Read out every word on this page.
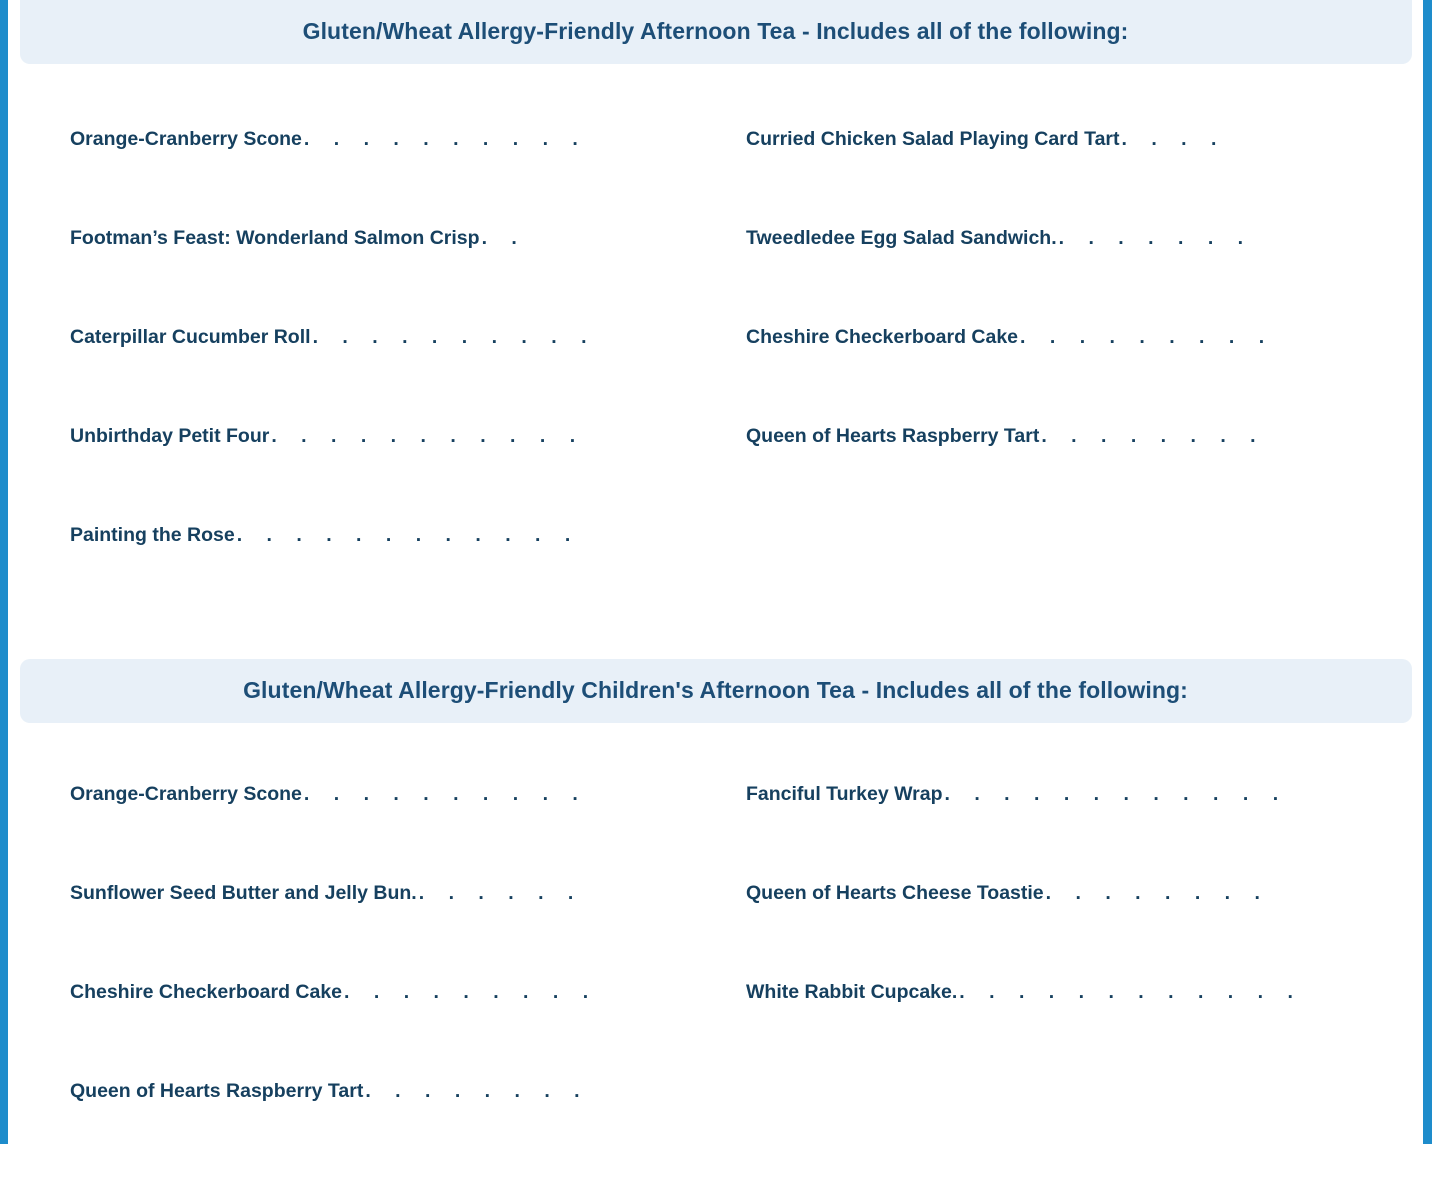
Gluten/Wheat Allergy-Friendly Afternoon Tea - Includes all of the following:
Orange-Cranberry Scone . . . . . . . . . .	Curried Chicken Salad Playing Card Tart . . . .
Footman’s Feast: Wonderland Salmon Crisp . .	Tweedledee Egg Salad Sandwich. . . . . . . .
Caterpillar Cucumber Roll . . . . . . . . . .	Cheshire Checkerboard Cake . . . . . . . . .
Unbirthday Petit Four . . . . . . . . . . .	Queen of Hearts Raspberry Tart . . . . . . . .
Painting the Rose . . . . . . . . . . . .
Gluten/Wheat Allergy-Friendly Children's Afternoon Tea - Includes all of the following:
Orange-Cranberry Scone . . . . . . . . . .	Fanciful Turkey Wrap . . . . . . . . . . . .
Sunflower Seed Butter and Jelly Bun. . . . . . .	Queen of Hearts Cheese Toastie . . . . . . . .
Cheshire Checkerboard Cake . . . . . . . . .	White Rabbit Cupcake. . . . . . . . . . . . .
Queen of Hearts Raspberry Tart . . . . . . . .
